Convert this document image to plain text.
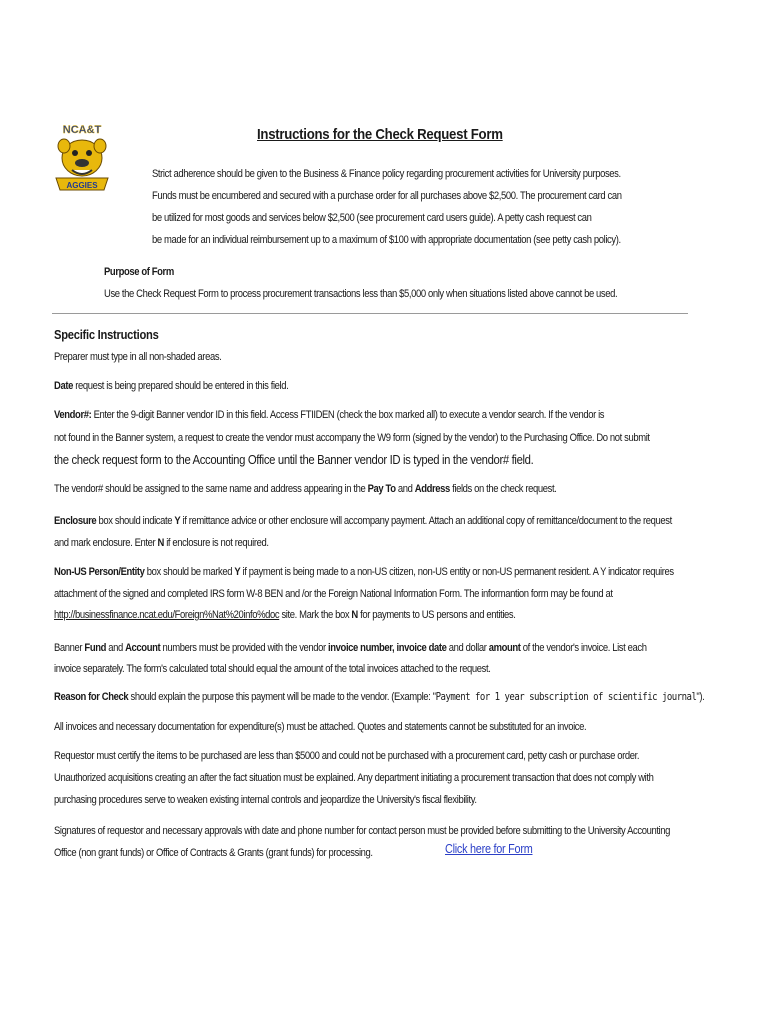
NCA&T
AGGIES
Instructions for the Check Request Form
Strict adherence should be given to the Business & Finance policy regarding procurement activities for University purposes.
Funds must be encumbered and secured with a purchase order for all purchases above $2,500. The procurement card can
be utilized for most goods and services below $2,500 (see procurement card users guide). A petty cash request can
be made for an individual reimbursement up to a maximum of $100 with appropriate documentation (see petty cash policy).
Purpose of Form
Use the Check Request Form to process procurement transactions less than $5,000 only when situations listed above cannot be used.
Specific Instructions
Preparer must type in all non-shaded areas.
Date request is being prepared should be entered in this field.
Vendor#: Enter the 9-digit Banner vendor ID in this field. Access FTIIDEN (check the box marked all) to execute a vendor search. If the vendor is
not found in the Banner system, a request to create the vendor must accompany the W9 form (signed by the vendor) to the Purchasing Office. Do not submit
the check request form to the Accounting Office until the Banner vendor ID is typed in the vendor# field.
The vendor# should be assigned to the same name and address appearing in the Pay To and Address fields on the check request.
Enclosure box should indicate Y if remittance advice or other enclosure will accompany payment. Attach an additional copy of remittance/document to the request
and mark enclosure. Enter N if enclosure is not required.
Non-US Person/Entity box should be marked Y if payment is being made to a non-US citizen, non-US entity or non-US permanent resident. A Y indicator requires
attachment of the signed and completed IRS form W-8 BEN and /or the Foreign National Information Form. The informantion form may be found at
http://businessfinance.ncat.edu/Foreign%Nat%20info%doc site. Mark the box N for payments to US persons and entities.
Banner Fund and Account numbers must be provided with the vendor invoice number, invoice date and dollar amount of the vendor's invoice. List each
invoice separately. The form's calculated total should equal the amount of the total invoices attached to the request.
Reason for Check should explain the purpose this payment will be made to the vendor. (Example: "Payment for 1 year subscription of scientific journal").
All invoices and necessary documentation for expenditure(s) must be attached. Quotes and statements cannot be substituted for an invoice.
Requestor must certify the items to be purchased are less than $5000 and could not be purchased with a procurement card, petty cash or purchase order.
Unauthorized acquisitions creating an after the fact situation must be explained. Any department initiating a procurement transaction that does not comply with
purchasing procedures serve to weaken existing internal controls and jeopardize the University's fiscal flexibility.
Signatures of requestor and necessary approvals with date and phone number for contact person must be provided before submitting to the University Accounting
Office (non grant funds) or Office of Contracts & Grants (grant funds) for processing.	Click here for Form
